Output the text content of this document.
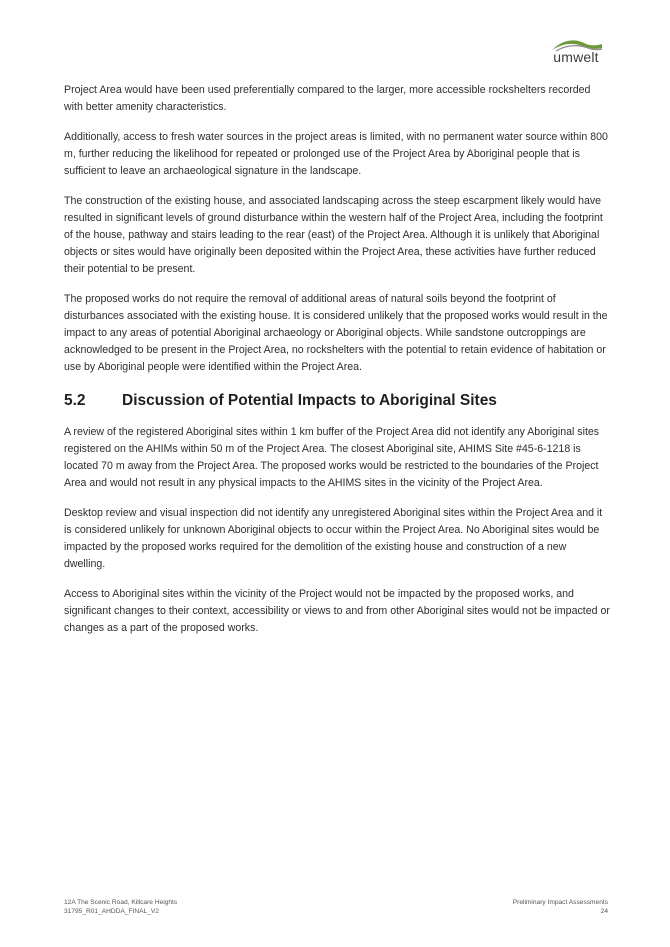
umwelt

Project Area would have been used preferentially compared to the larger, more accessible rockshelters recorded with better amenity characteristics.

Additionally, access to fresh water sources in the project areas is limited, with no permanent water source within 800 m, further reducing the likelihood for repeated or prolonged use of the Project Area by Aboriginal people that is sufficient to leave an archaeological signature in the landscape.

The construction of the existing house, and associated landscaping across the steep escarpment likely would have resulted in significant levels of ground disturbance within the western half of the Project Area, including the footprint of the house, pathway and stairs leading to the rear (east) of the Project Area. Although it is unlikely that Aboriginal objects or sites would have originally been deposited within the Project Area, these activities have further reduced their potential to be present.

The proposed works do not require the removal of additional areas of natural soils beyond the footprint of disturbances associated with the existing house. It is considered unlikely that the proposed works would result in the impact to any areas of potential Aboriginal archaeology or Aboriginal objects. While sandstone outcroppings are acknowledged to be present in the Project Area, no rockshelters with the potential to retain evidence of habitation or use by Aboriginal people were identified within the Project Area.

5.2	Discussion of Potential Impacts to Aboriginal Sites

A review of the registered Aboriginal sites within 1 km buffer of the Project Area did not identify any Aboriginal sites registered on the AHIMs within 50 m of the Project Area. The closest Aboriginal site, AHIMS Site #45-6-1218 is located 70 m away from the Project Area. The proposed works would be restricted to the boundaries of the Project Area and would not result in any physical impacts to the AHIMS sites in the vicinity of the Project Area.

Desktop review and visual inspection did not identify any unregistered Aboriginal sites within the Project Area and it is considered unlikely for unknown Aboriginal objects to occur within the Project Area. No Aboriginal sites would be impacted by the proposed works required for the demolition of the existing house and construction of a new dwelling.

Access to Aboriginal sites within the vicinity of the Project would not be impacted by the proposed works, and significant changes to their context, accessibility or views to and from other Aboriginal sites would not be impacted or changes as a part of the proposed works.

12A The Scenic Road, Killcare Heights
31795_R01_AHDDA_FINAL_V2
Preliminary Impact Assessments
24
